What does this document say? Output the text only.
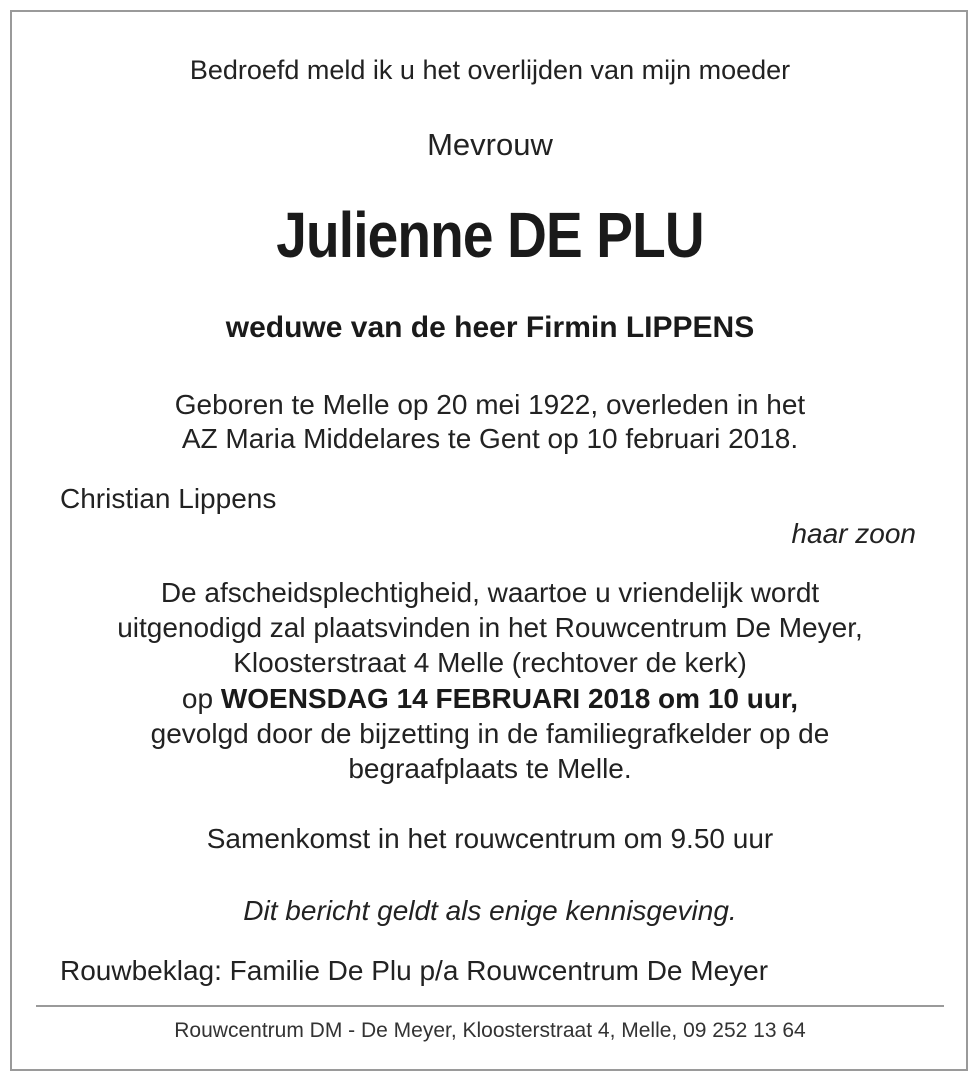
Bedroefd meld ik u het overlijden van mijn moeder
Mevrouw
Julienne DE PLU
weduwe van de heer Firmin LIPPENS
Geboren te Melle op 20 mei 1922, overleden in het
AZ Maria Middelares te Gent op 10 februari 2018.
Christian Lippens
haar zoon
De afscheidsplechtigheid, waartoe u vriendelijk wordt
uitgenodigd zal plaatsvinden in het Rouwcentrum De Meyer,
Kloosterstraat 4 Melle (rechtover de kerk)
op WOENSDAG 14 FEBRUARI 2018 om 10 uur,
gevolgd door de bijzetting in de familiegrafkelder op de
begraafplaats te Melle.
Samenkomst in het rouwcentrum om 9.50 uur
Dit bericht geldt als enige kennisgeving.
Rouwbeklag: Familie De Plu p/a Rouwcentrum De Meyer
Rouwcentrum DM - De Meyer, Kloosterstraat 4, Melle, 09 252 13 64
